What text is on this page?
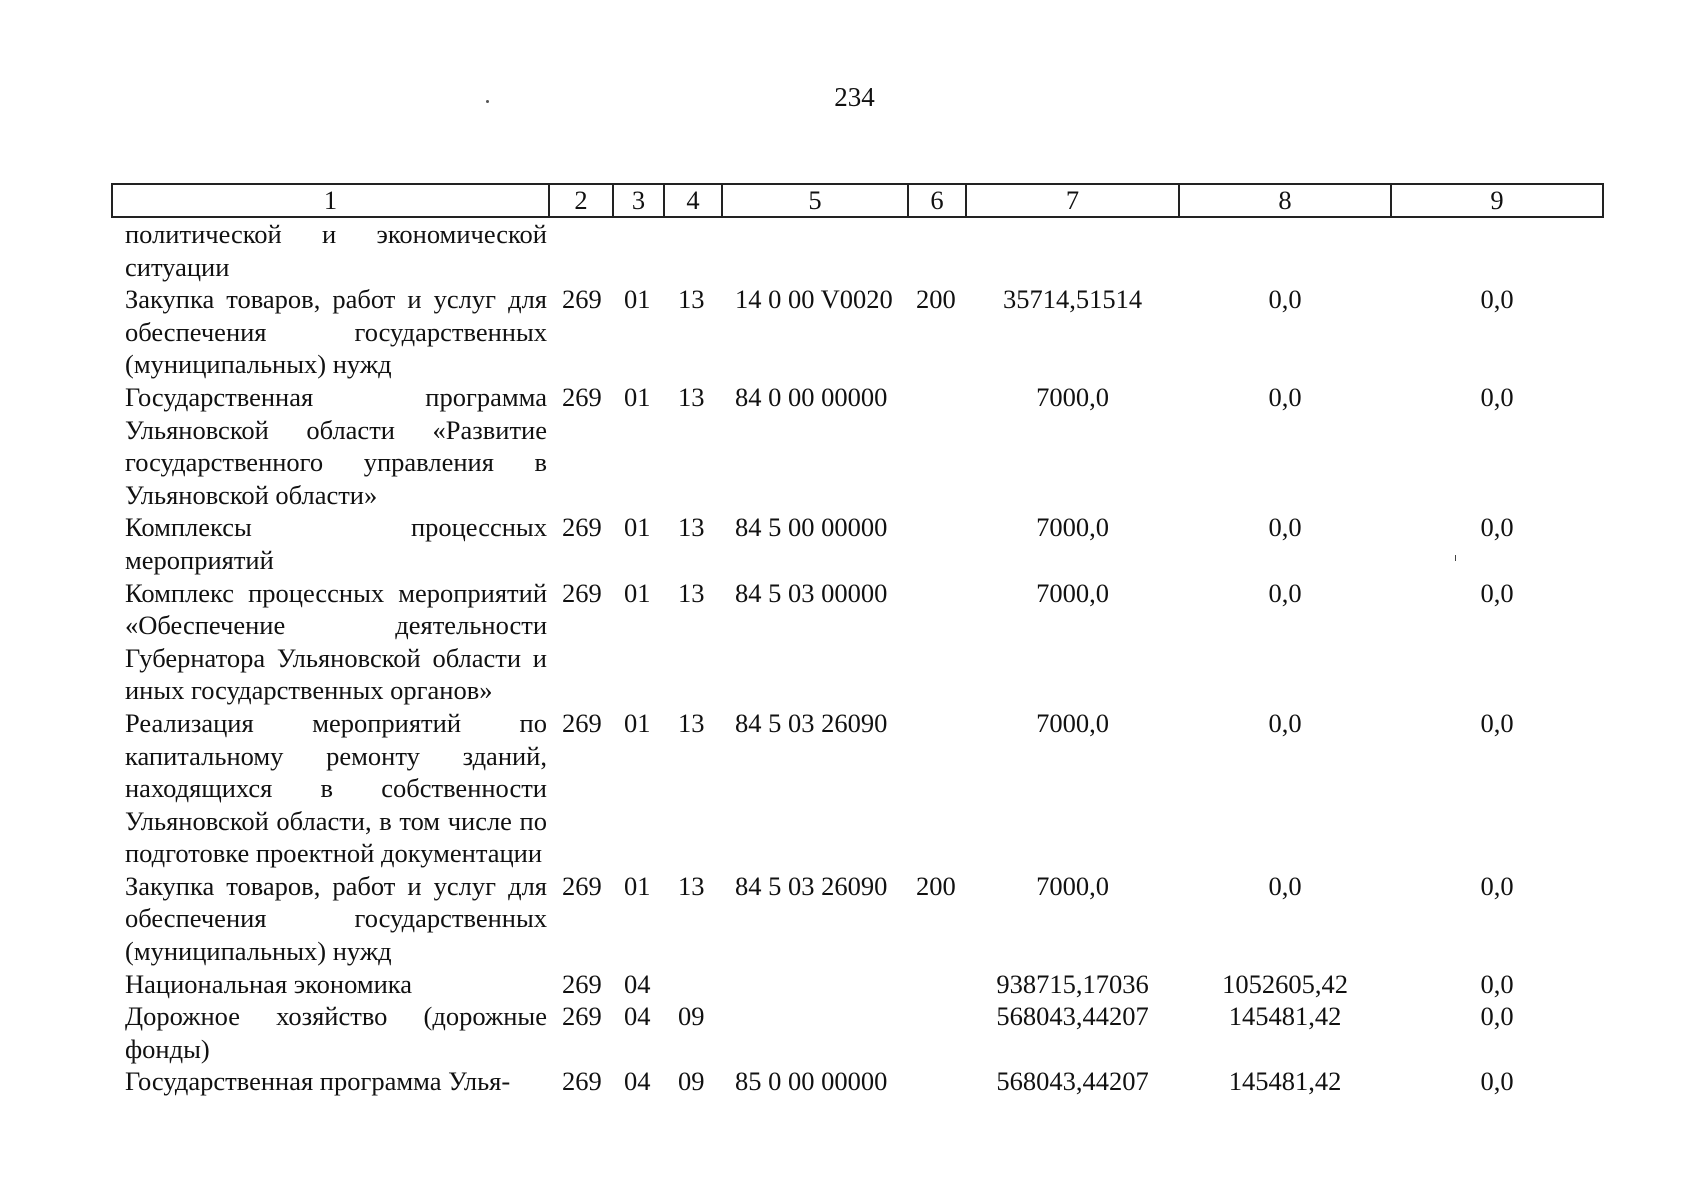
234
1	2	3	4	5	6	7	8	9
политической и экономической ситуации								
Закупка товаров, работ и услуг для обеспечения государственных (муниципальных) нужд	269	01	13	14 0 00 V0020	200	35714,51514	0,0	0,0
Государственная программа Ульяновской области «Развитие государственного управления в Ульяновской области»	269	01	13	84 0 00 00000		7000,0	0,0	0,0
Комплексы процессных мероприятий	269	01	13	84 5 00 00000		7000,0	0,0	0,0
Комплекс процессных мероприятий «Обеспечение деятельности Губернатора Ульяновской области и иных государственных органов»	269	01	13	84 5 03 00000		7000,0	0,0	0,0
Реализация мероприятий по капитальному ремонту зданий, находящихся в собственности Ульяновской области, в том числе по подготовке проектной документации	269	01	13	84 5 03 26090		7000,0	0,0	0,0
Закупка товаров, работ и услуг для обеспечения государственных (муниципальных) нужд	269	01	13	84 5 03 26090	200	7000,0	0,0	0,0
Национальная экономика	269	04				938715,17036	1052605,42	0,0
Дорожное хозяйство (дорожные фонды)	269	04	09			568043,44207	145481,42	0,0
Государственная программа Улья-	269	04	09	85 0 00 00000		568043,44207	145481,42	0,0
